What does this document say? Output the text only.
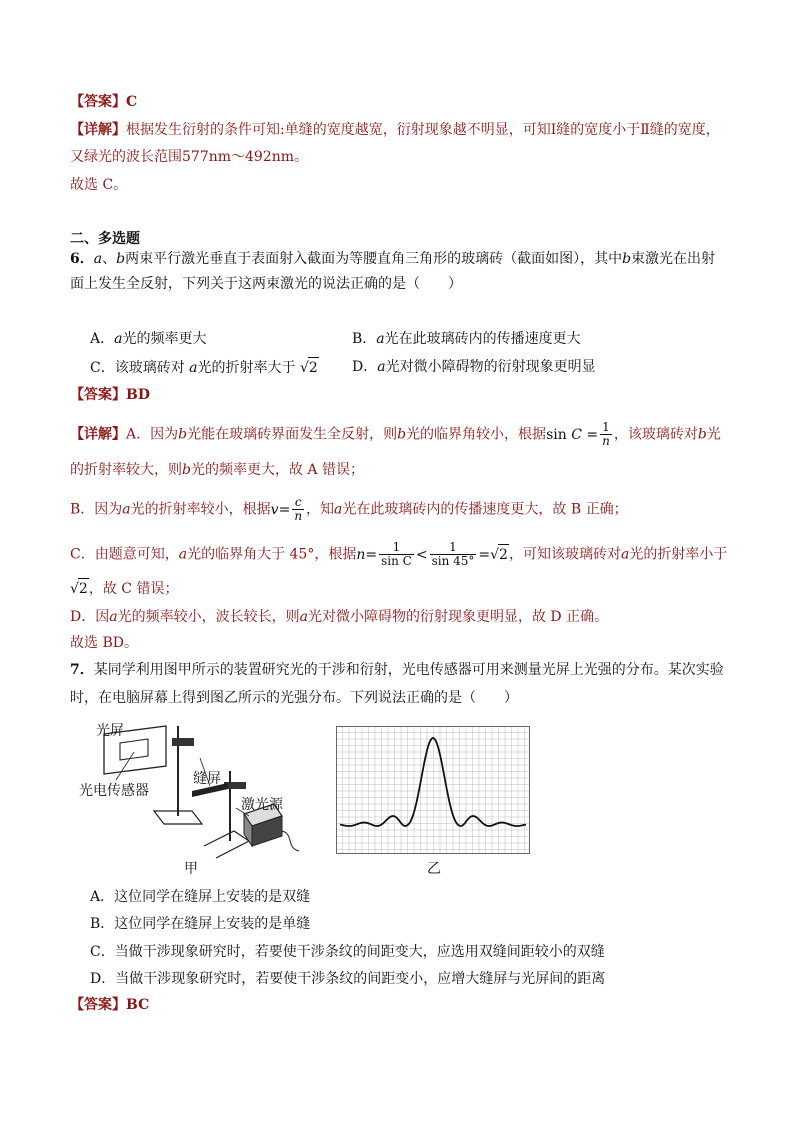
【答案】C
【详解】根据发生衍射的条件可知:单缝的宽度越宽，衍射现象越不明显，可知Ⅰ缝的宽度小于Ⅱ缝的宽度，
又绿光的波长范围577nm～492nm。
故选 C。
二、多选题
6．a、b两束平行激光垂直于表面射入截面为等腰直角三角形的玻璃砖（截面如图），其中b束激光在出射
面上发生全反射，下列关于这两束激光的说法正确的是（　　）
A．a光的频率更大	B．a光在此玻璃砖内的传播速度更大
C．该玻璃砖对 a光的折射率大于 √2 D．a光对微小障碍物的衍射现象更明显
【答案】BD
【详解】A．因为b光能在玻璃砖界面发生全反射，则b光的临界角较小，根据$\sin C = \frac{1}{n}$ ，该玻璃砖对b光
的折射率较大，则b光的频率更大，故 A 错误；
B．因为a光的折射率较小，根据$v= \frac{c}{n}$ ，知a光在此玻璃砖内的传播速度更大，故 B 正确；
C．由题意可知，a光的临界角大于 45°，根据$n= \frac{1}{\text{sin C}} < \frac{1}{\sin 45^\circ} =√2$，可知该玻璃砖对a光的折射率小于
√2，故 C 错误；
D．因a光的频率较小，波长较长，则a光对微小障碍物的衍射现象更明显，故 D 正确。
故选 BD。
7．某同学利用图甲所示的装置研究光的干涉和衍射，光电传感器可用来测量光屏上光强的分布。某次实验
时，在电脑屏幕上得到图乙所示的光强分布。下列说法正确的是（　　）
光屏
光电传感器
缝屏
激光源
甲	乙
A．这位同学在缝屏上安装的是双缝
B．这位同学在缝屏上安装的是单缝
C．当做干涉现象研究时，若要使干涉条纹的间距变大，应选用双缝间距较小的双缝
D．当做干涉现象研究时，若要使干涉条纹的间距变小，应增大缝屏与光屏间的距离
【答案】BC
